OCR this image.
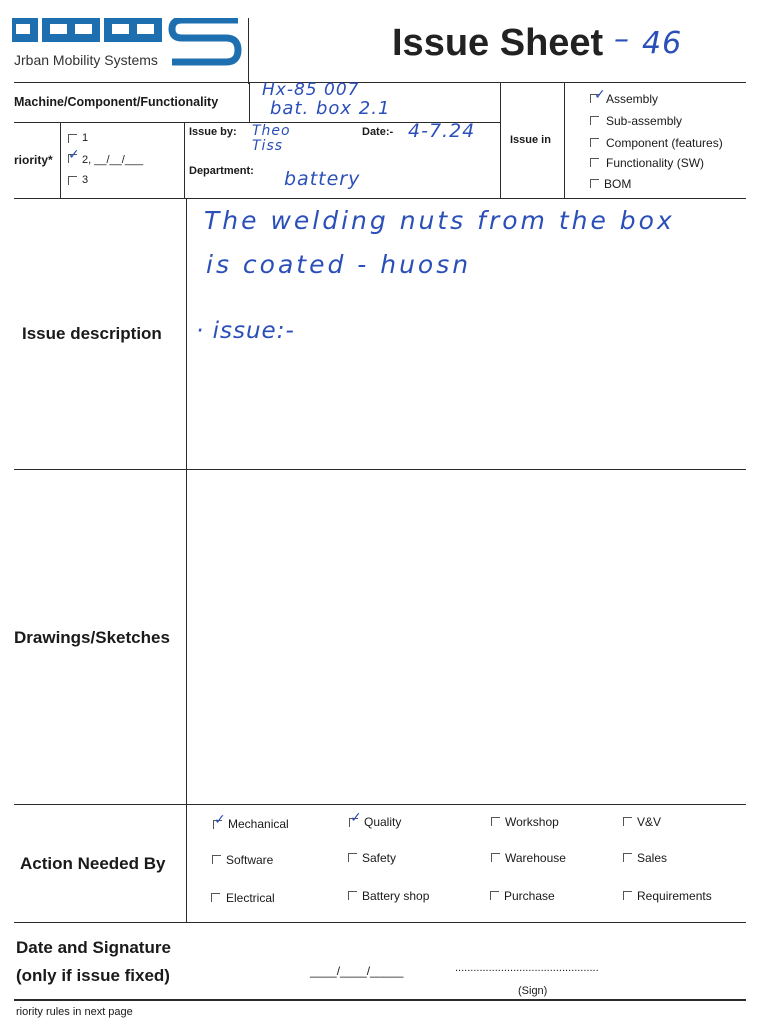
Jrban Mobility Systems	Issue Sheet – 46
Machine/Component/Functionality
Hx-85 007
bat. box 2.1
riority*
1
✓ 2, __/__/___
3
Issue by: Theo Tiss
Date:- 4-7.24
Department: battery
Issue in
✓ Assembly
Sub-assembly
Component (features)
Functionality (SW)
BOM
Issue description
The welding nuts from the box
is coated - huosn
· issue:-
Drawings/Sketches
Action Needed By
✓ Mechanical	✓ Quality	Workshop	V&V
Software	Safety	Warehouse	Sales
Electrical	Battery shop	Purchase	Requirements
Date and Signature
(only if issue fixed)	____/____/_____	...............................................
(Sign)
riority rules in next page
